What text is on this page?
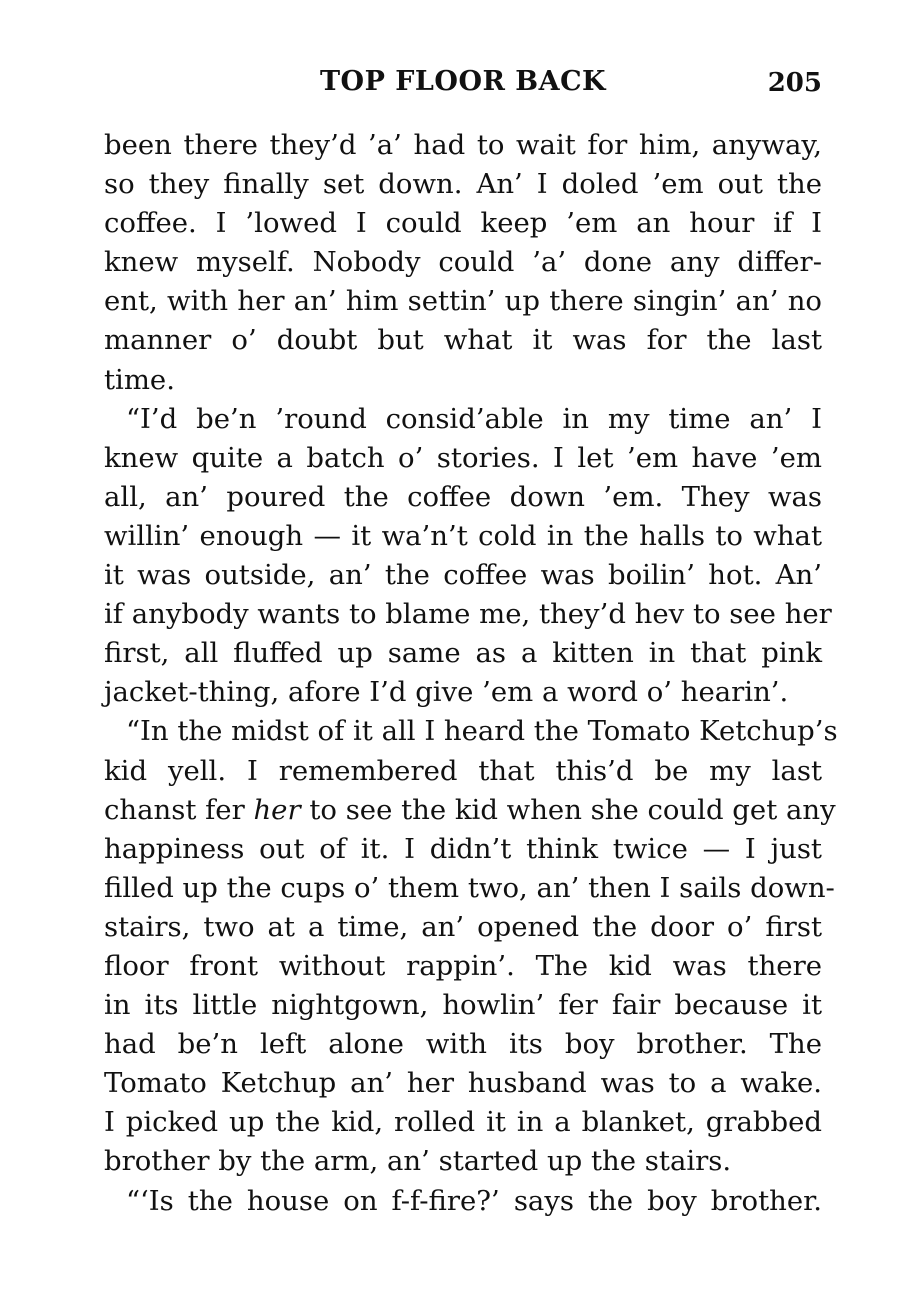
TOP FLOOR BACK	205
been there they’d ’a’ had to wait for him, anyway,
so they finally set down. An’ I doled ’em out the
coffee. I ’lowed I could keep ’em an hour if I
knew myself. Nobody could ’a’ done any differ-
ent, with her an’ him settin’ up there singin’ an’ no
manner o’ doubt but what it was for the last
time.
“I’d be’n ’round consid’able in my time an’ I
knew quite a batch o’ stories. I let ’em have ’em
all, an’ poured the coffee down ’em. They was
willin’ enough — it wa’n’t cold in the halls to what
it was outside, an’ the coffee was boilin’ hot. An’
if anybody wants to blame me, they’d hev to see her
first, all fluffed up same as a kitten in that pink
jacket-thing, afore I’d give ’em a word o’ hearin’.
“In the midst of it all I heard the Tomato Ketchup’s
kid yell. I remembered that this’d be my last
chanst fer her to see the kid when she could get any
happiness out of it. I didn’t think twice — I just
filled up the cups o’ them two, an’ then I sails down-
stairs, two at a time, an’ opened the door o’ first
floor front without rappin’. The kid was there
in its little nightgown, howlin’ fer fair because it
had be’n left alone with its boy brother. The
Tomato Ketchup an’ her husband was to a wake.
I picked up the kid, rolled it in a blanket, grabbed
brother by the arm, an’ started up the stairs.
“‘Is the house on f-f-fire?’ says the boy brother.
